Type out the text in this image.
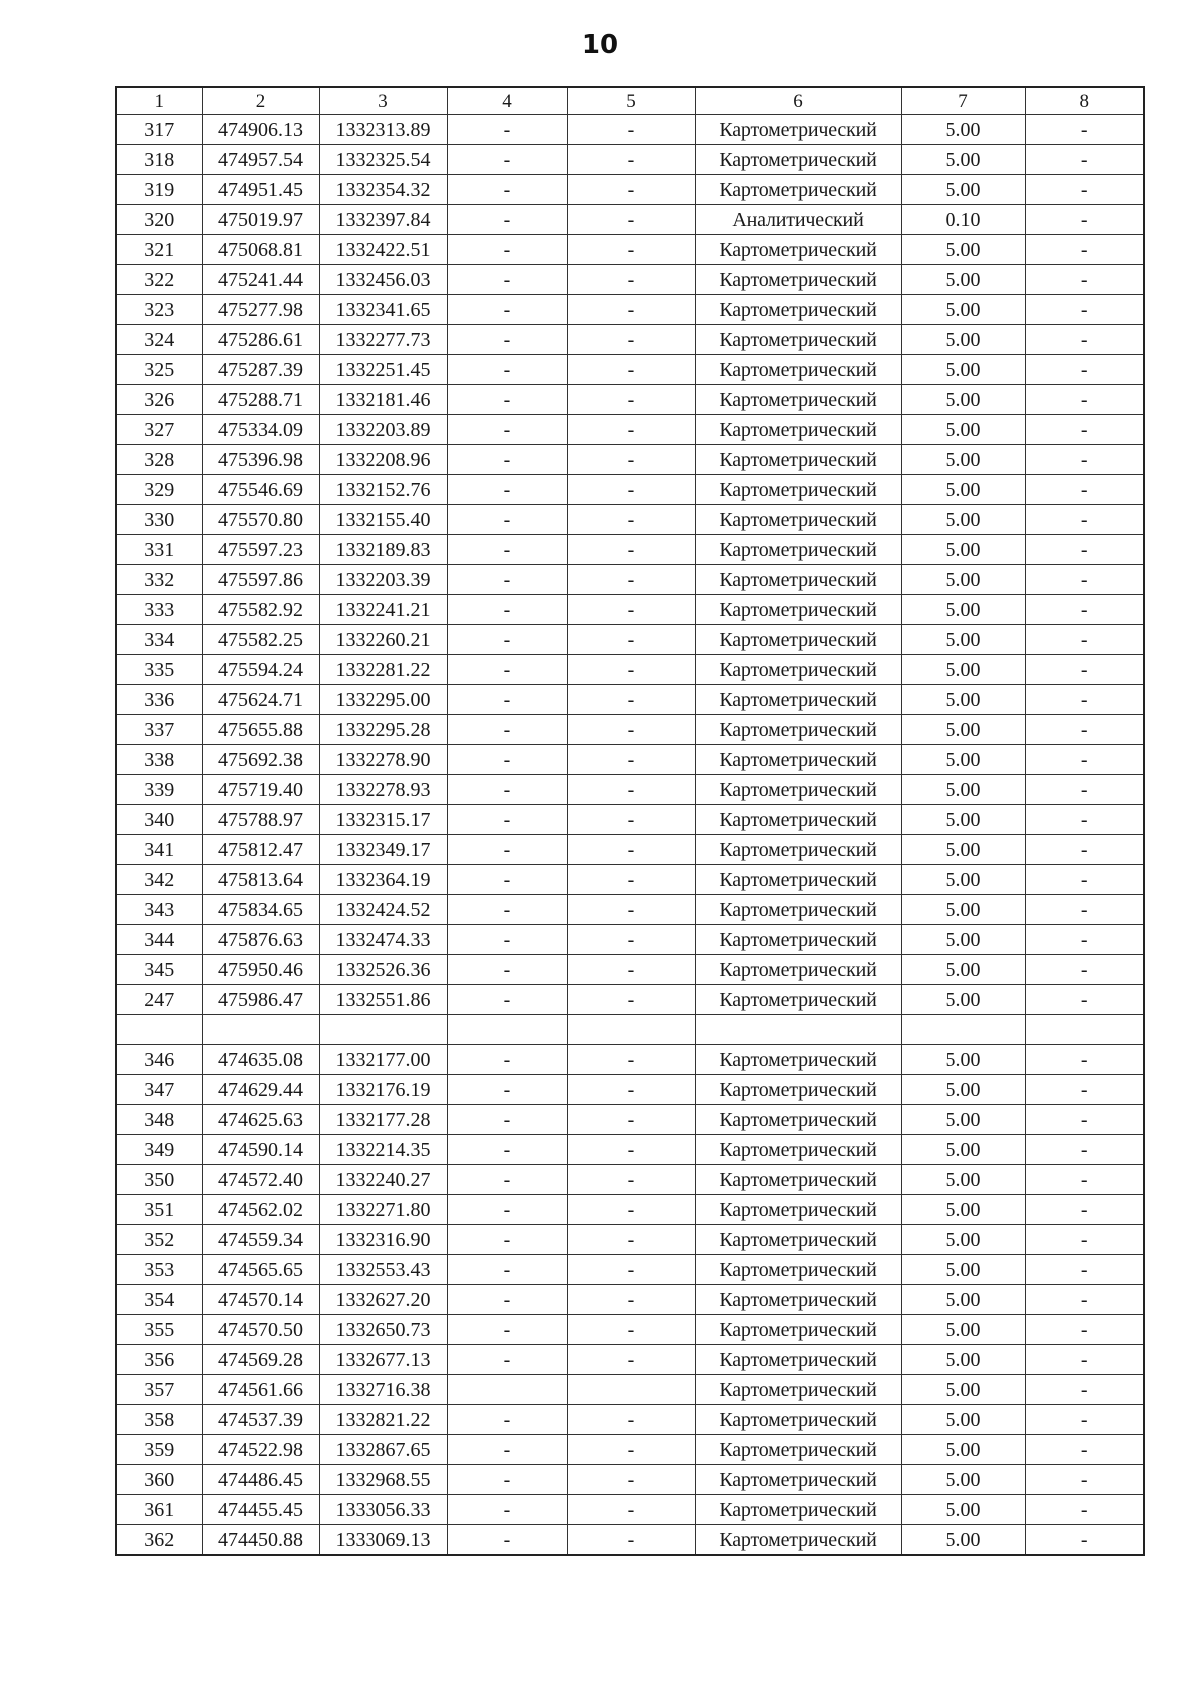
10
1	2	3	4	5	6	7	8
317	474906.13	1332313.89	-	-	Картометрический	5.00	-
318	474957.54	1332325.54	-	-	Картометрический	5.00	-
319	474951.45	1332354.32	-	-	Картометрический	5.00	-
320	475019.97	1332397.84	-	-	Аналитический	0.10	-
321	475068.81	1332422.51	-	-	Картометрический	5.00	-
322	475241.44	1332456.03	-	-	Картометрический	5.00	-
323	475277.98	1332341.65	-	-	Картометрический	5.00	-
324	475286.61	1332277.73	-	-	Картометрический	5.00	-
325	475287.39	1332251.45	-	-	Картометрический	5.00	-
326	475288.71	1332181.46	-	-	Картометрический	5.00	-
327	475334.09	1332203.89	-	-	Картометрический	5.00	-
328	475396.98	1332208.96	-	-	Картометрический	5.00	-
329	475546.69	1332152.76	-	-	Картометрический	5.00	-
330	475570.80	1332155.40	-	-	Картометрический	5.00	-
331	475597.23	1332189.83	-	-	Картометрический	5.00	-
332	475597.86	1332203.39	-	-	Картометрический	5.00	-
333	475582.92	1332241.21	-	-	Картометрический	5.00	-
334	475582.25	1332260.21	-	-	Картометрический	5.00	-
335	475594.24	1332281.22	-	-	Картометрический	5.00	-
336	475624.71	1332295.00	-	-	Картометрический	5.00	-
337	475655.88	1332295.28	-	-	Картометрический	5.00	-
338	475692.38	1332278.90	-	-	Картометрический	5.00	-
339	475719.40	1332278.93	-	-	Картометрический	5.00	-
340	475788.97	1332315.17	-	-	Картометрический	5.00	-
341	475812.47	1332349.17	-	-	Картометрический	5.00	-
342	475813.64	1332364.19	-	-	Картометрический	5.00	-
343	475834.65	1332424.52	-	-	Картометрический	5.00	-
344	475876.63	1332474.33	-	-	Картометрический	5.00	-
345	475950.46	1332526.36	-	-	Картометрический	5.00	-
247	475986.47	1332551.86	-	-	Картометрический	5.00	-

346	474635.08	1332177.00	-	-	Картометрический	5.00	-
347	474629.44	1332176.19	-	-	Картометрический	5.00	-
348	474625.63	1332177.28	-	-	Картометрический	5.00	-
349	474590.14	1332214.35	-	-	Картометрический	5.00	-
350	474572.40	1332240.27	-	-	Картометрический	5.00	-
351	474562.02	1332271.80	-	-	Картометрический	5.00	-
352	474559.34	1332316.90	-	-	Картометрический	5.00	-
353	474565.65	1332553.43	-	-	Картометрический	5.00	-
354	474570.14	1332627.20	-	-	Картометрический	5.00	-
355	474570.50	1332650.73	-	-	Картометрический	5.00	-
356	474569.28	1332677.13	-	-	Картометрический	5.00	-
357	474561.66	1332716.38			Картометрический	5.00	-
358	474537.39	1332821.22	-	-	Картометрический	5.00	-
359	474522.98	1332867.65	-	-	Картометрический	5.00	-
360	474486.45	1332968.55	-	-	Картометрический	5.00	-
361	474455.45	1333056.33	-	-	Картометрический	5.00	-
362	474450.88	1333069.13	-	-	Картометрический	5.00	-
